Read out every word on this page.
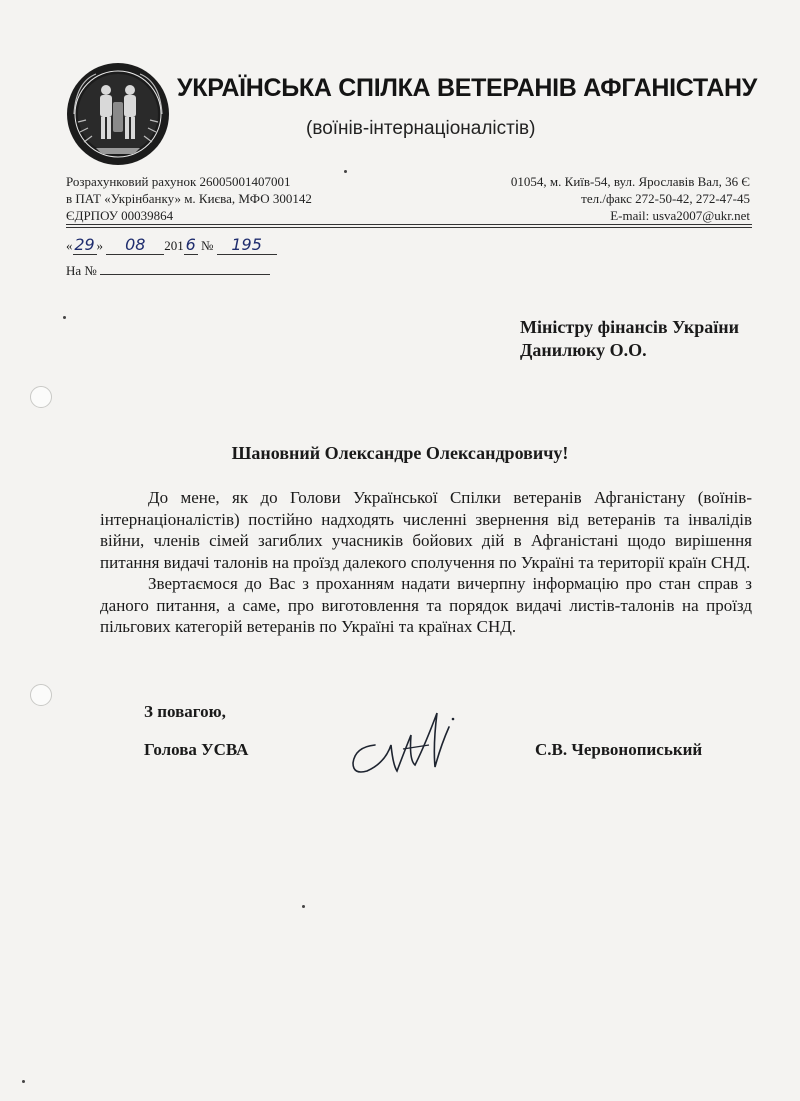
УКРАЇНСЬКА СПІЛКА ВЕТЕРАНІВ АФГАНІСТАНУ
(воїнів-інтернаціоналістів)
Розрахунковий рахунок 26005001407001
в ПАТ «Укрінбанку» м. Києва, МФО 300142
ЄДРПОУ 00039864
01054, м. Київ-54, вул. Ярославів Вал, 36 Є
тел./факс 272-50-42, 272-47-45
E-mail: usva2007@ukr.net
« 29 » 08 201 6 № 195
На №
Міністру фінансів України
Данилюку О.О.
Шановний Олександре Олександровичу!

До мене, як до Голови Української Спілки ветеранів Афганістану (воїнів-інтернаціоналістів) постійно надходять численні звернення від ветеранів та інвалідів війни, членів сімей загиблих учасників бойових дій в Афганістані щодо вирішення питання видачі талонів на проїзд далекого сполучення по Україні та території країн СНД.

Звертаємося до Вас з проханням надати вичерпну інформацію про стан справ з даного питання, а саме, про виготовлення та порядок видачі листів-талонів на проїзд пільгових категорій ветеранів по Україні та країнах СНД.

З повагою,
Голова УСВА	С.В. Червонописький
